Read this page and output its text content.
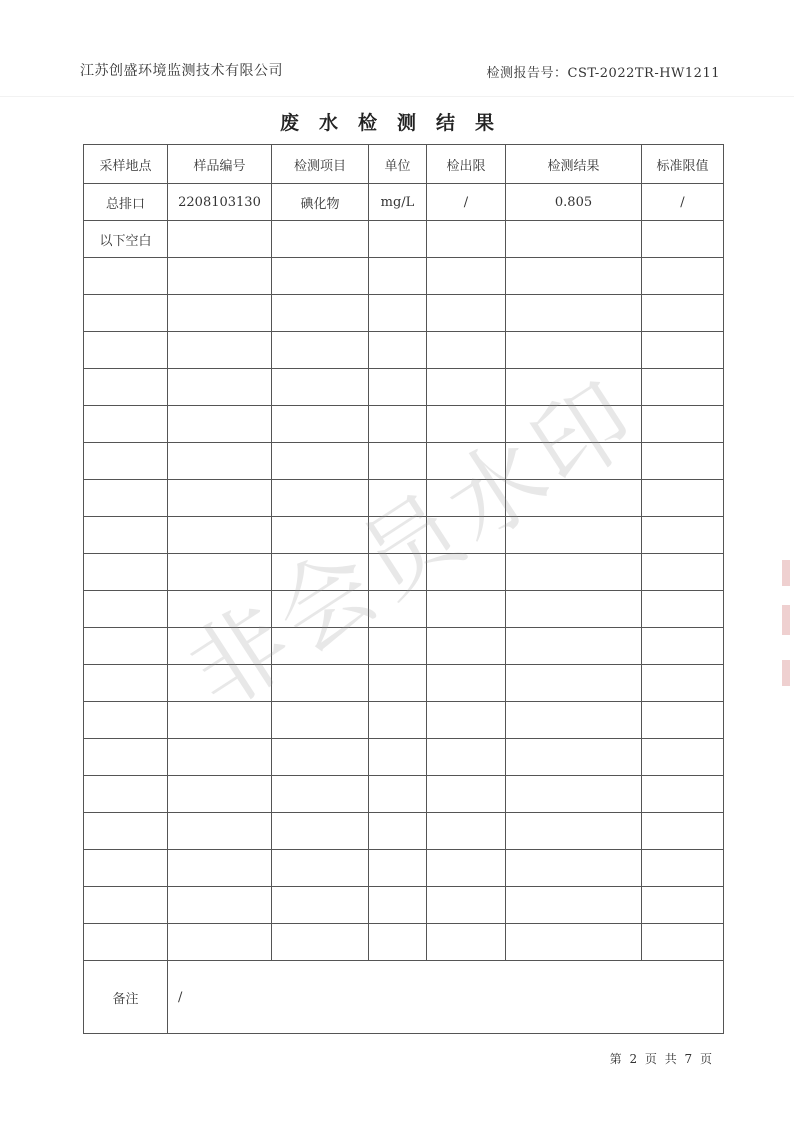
江苏创盛环境监测技术有限公司	检测报告号：CST-2022TR-HW1211
废水检测结果
采样地点	样品编号	检测项目	单位	检出限	检测结果	标准限值
总排口	2208103130	碘化物	mg/L	/	0.805	/
以下空白						

备注	/					
非会员水印
第 2 页 共 7 页
